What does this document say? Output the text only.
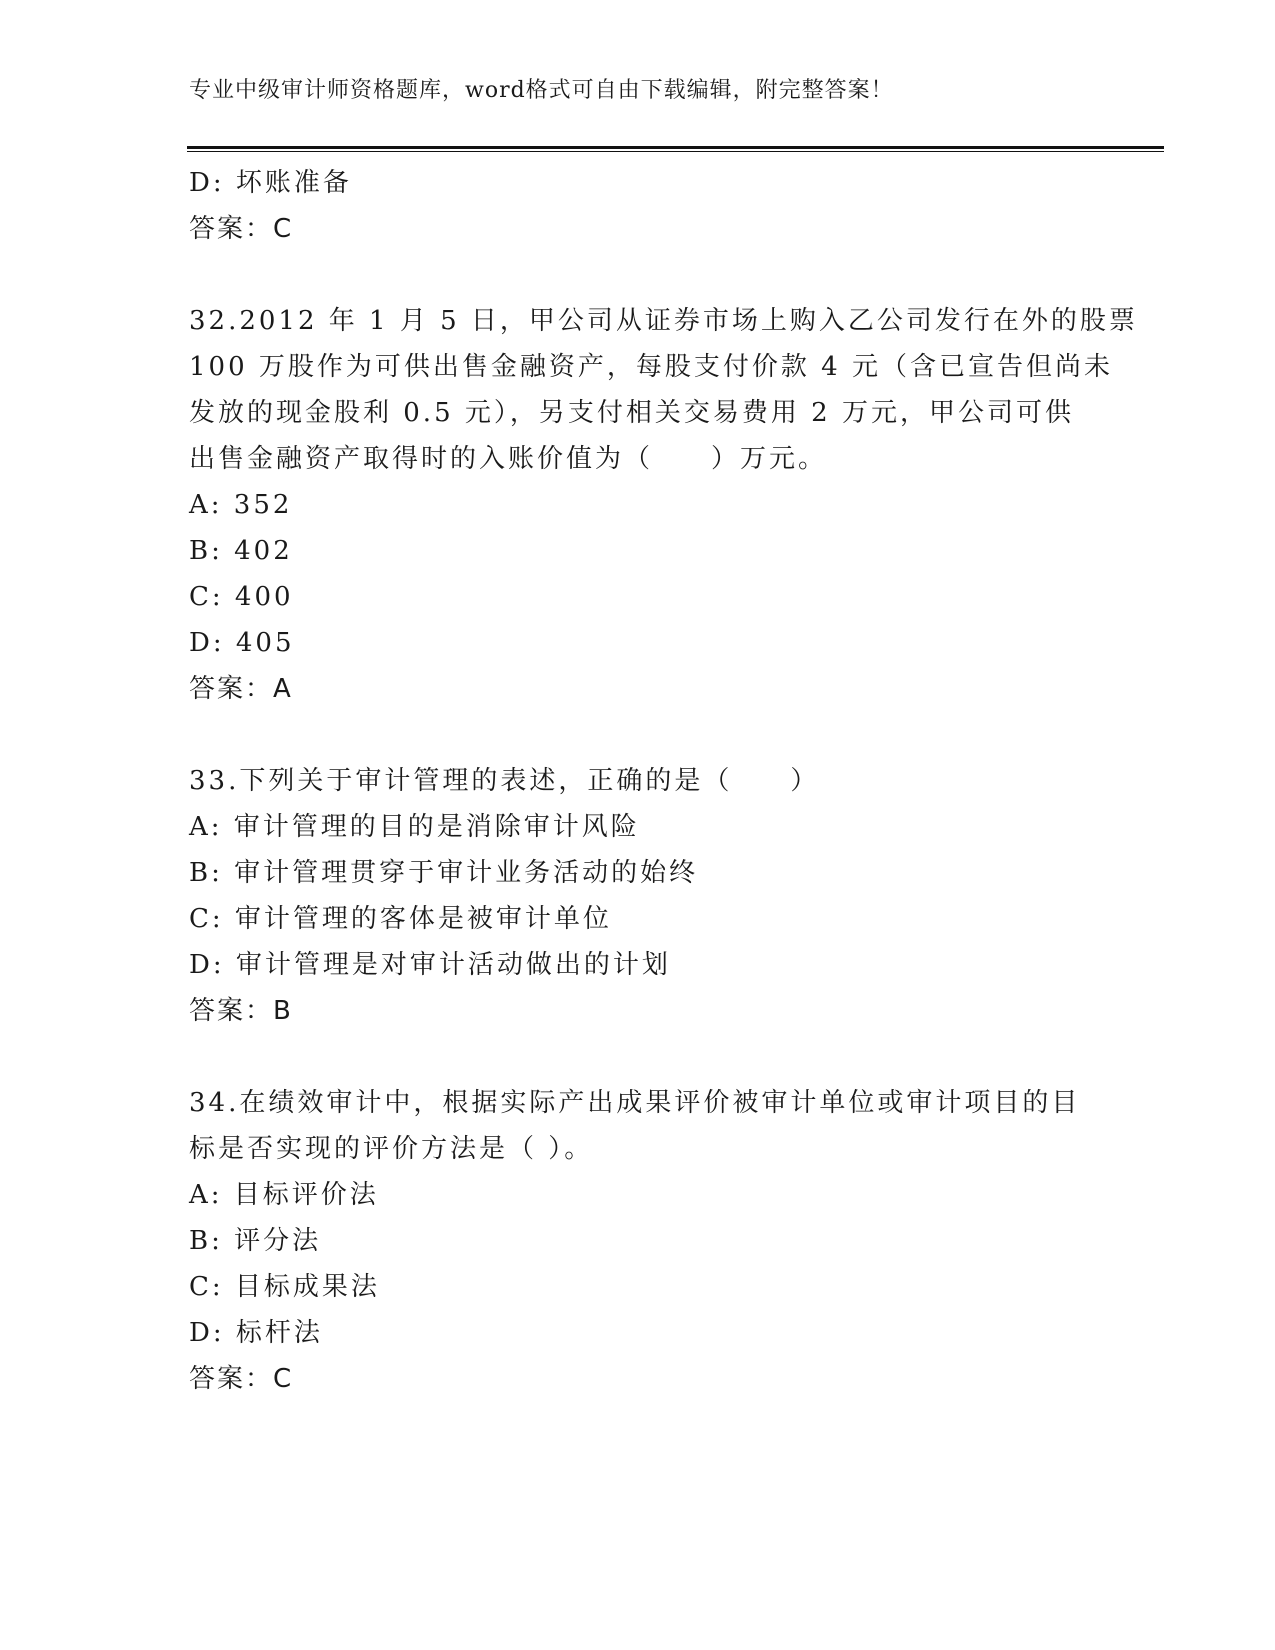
专业中级审计师资格题库，word格式可自由下载编辑，附完整答案！
D: 坏账准备
答案：C
32.2012 年 1 月 5 日，甲公司从证券市场上购入乙公司发行在外的股票
100 万股作为可供出售金融资产，每股支付价款 4 元（含已宣告但尚未
发放的现金股利 0.5 元），另支付相关交易费用 2 万元，甲公司可供
出售金融资产取得时的入账价值为（　　）万元。
A: 352
B: 402
C: 400
D: 405
答案：A
33.下列关于审计管理的表述，正确的是（　　）
A: 审计管理的目的是消除审计风险
B: 审计管理贯穿于审计业务活动的始终
C: 审计管理的客体是被审计单位
D: 审计管理是对审计活动做出的计划
答案：B
34.在绩效审计中，根据实际产出成果评价被审计单位或审计项目的目
标是否实现的评价方法是（ ）。
A: 目标评价法
B: 评分法
C: 目标成果法
D: 标杆法
答案：C
